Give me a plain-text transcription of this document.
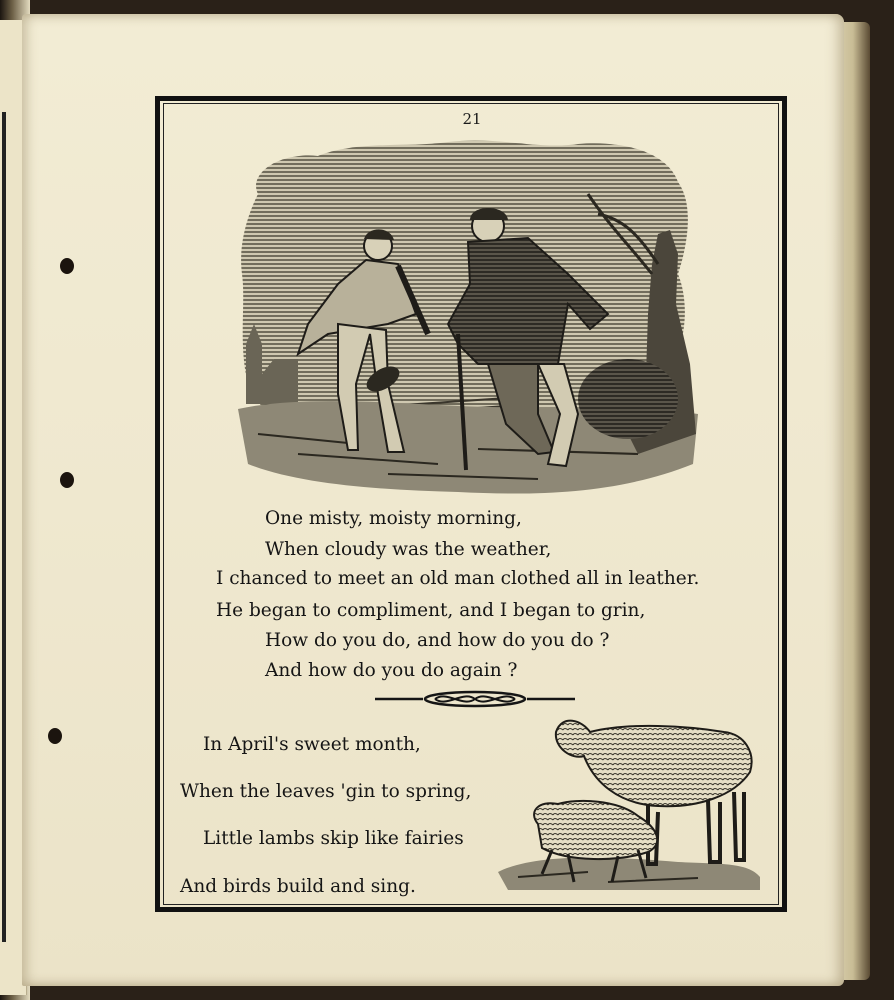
21
One misty, moisty morning,
When cloudy was the weather,
I chanced to meet an old man clothed all in leather.
He began to compliment, and I began to grin,
How do you do, and how do you do ?
And how do you do again ?
In April's sweet month,
When the leaves 'gin to spring,
Little lambs skip like fairies
And birds build and sing.
